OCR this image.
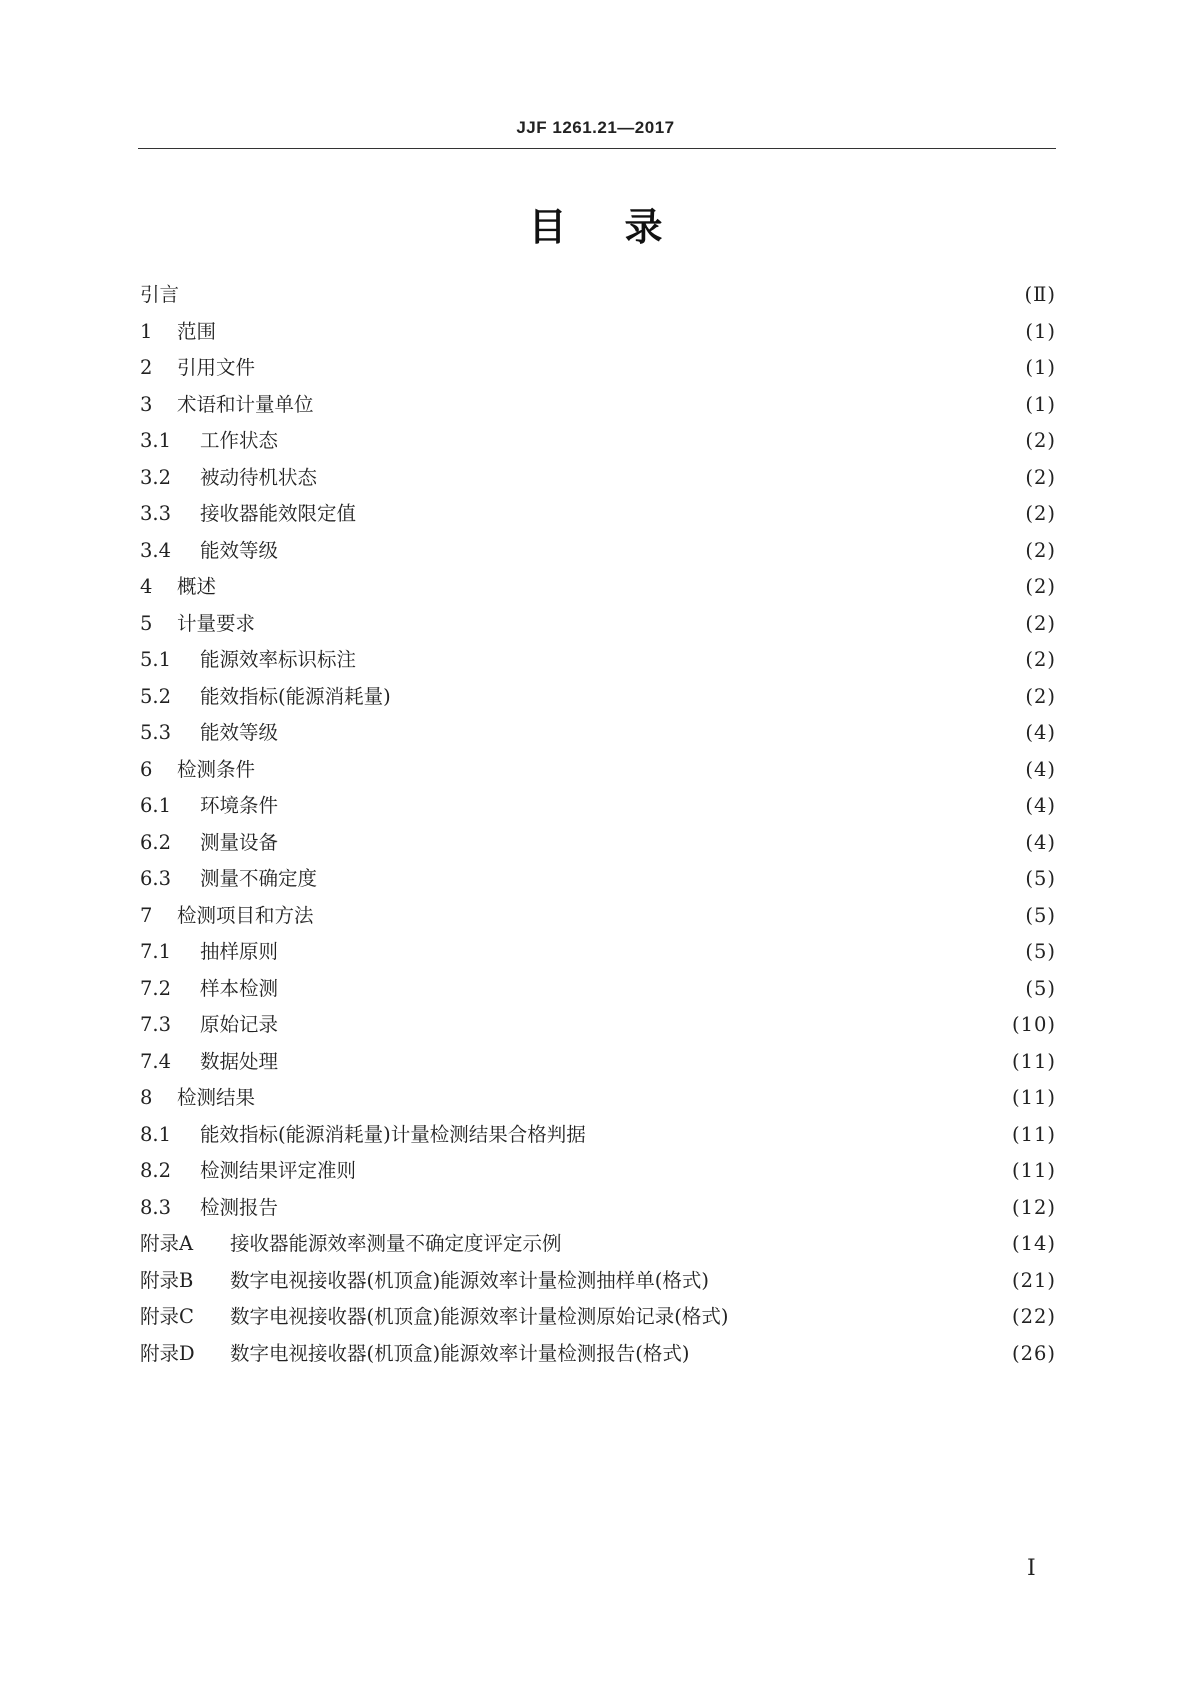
JJF 1261.21—2017
目录
引言	(Ⅱ)
1	范围	(1)
2	引用文件	(1)
3	术语和计量单位	(1)
3.1	工作状态	(2)
3.2	被动待机状态	(2)
3.3	接收器能效限定值	(2)
3.4	能效等级	(2)
4	概述	(2)
5	计量要求	(2)
5.1	能源效率标识标注	(2)
5.2	能效指标(能源消耗量)	(2)
5.3	能效等级	(4)
6	检测条件	(4)
6.1	环境条件	(4)
6.2	测量设备	(4)
6.3	测量不确定度	(5)
7	检测项目和方法	(5)
7.1	抽样原则	(5)
7.2	样本检测	(5)
7.3	原始记录	(10)
7.4	数据处理	(11)
8	检测结果	(11)
8.1	能效指标(能源消耗量)计量检测结果合格判据	(11)
8.2	检测结果评定准则	(11)
8.3	检测报告	(12)
附录A	接收器能源效率测量不确定度评定示例	(14)
附录B	数字电视接收器(机顶盒)能源效率计量检测抽样单(格式)	(21)
附录C	数字电视接收器(机顶盒)能源效率计量检测原始记录(格式)	(22)
附录D	数字电视接收器(机顶盒)能源效率计量检测报告(格式)	(26)
I
